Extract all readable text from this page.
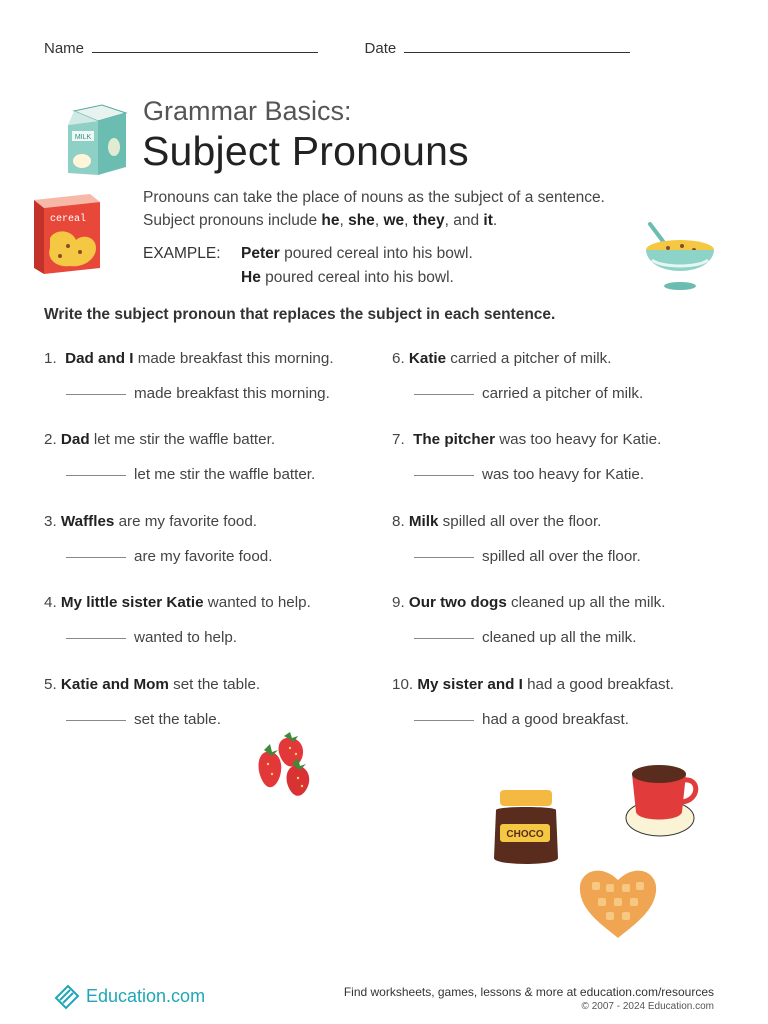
Name	Date
MILK
Grammar Basics:
Subject Pronouns
cereal
Pronouns can take the place of nouns as the subject of a sentence.
Subject pronouns include he, she, we, they, and it.
EXAMPLE: Peter poured cereal into his bowl.
He poured cereal into his bowl.
Write the subject pronoun that replaces the subject in each sentence.
1. Dad and I made breakfast this morning.
made breakfast this morning.
2. Dad let me stir the waffle batter.
let me stir the waffle batter.
3. Waffles are my favorite food.
are my favorite food.
4. My little sister Katie wanted to help.
wanted to help.
5. Katie and Mom set the table.
set the table.
6. Katie carried a pitcher of milk.
carried a pitcher of milk.
7. The pitcher was too heavy for Katie.
was too heavy for Katie.
8. Milk spilled all over the floor.
spilled all over the floor.
9. Our two dogs cleaned up all the milk.
cleaned up all the milk.
10. My sister and I had a good breakfast.
had a good breakfast.
CHOCO
Education.com	Find worksheets, games, lessons & more at education.com/resources
© 2007 - 2024 Education.com
